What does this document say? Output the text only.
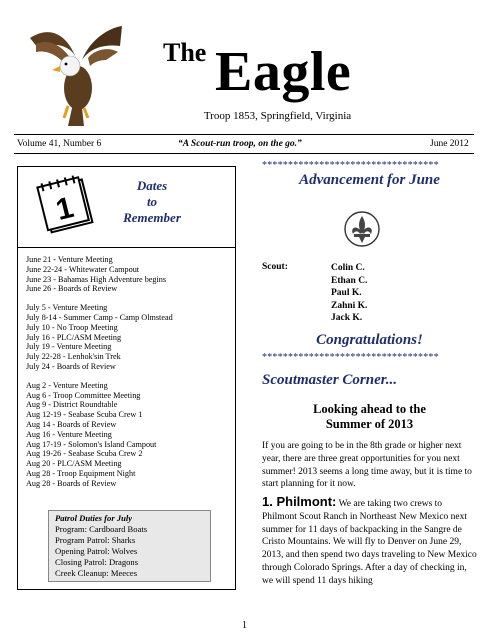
The Eagle
Troop 1853, Springfield, Virginia
Volume 41, Number 6	“A Scout-run troop, on the go.”	June 2012
1
Dates
to
Remember
June 21 - Venture Meeting
June 22-24 - Whitewater Campout
June 23 - Bahamas High Adventure begins
June 26 - Boards of Review
July 5 - Venture Meeting
July 8-14 - Summer Camp - Camp Olmstead
July 10 - No Troop Meeting
July 16 - PLC/ASM Meeting
July 19 - Venture Meeting
July 22-28 - Lenhok'sin Trek
July 24 - Boards of Review
Aug 2 - Venture Meeting
Aug 6 - Troop Committee Meeting
Aug 9 - District Roundtable
Aug 12-19 - Seabase Scuba Crew 1
Aug 14 - Boards of Review
Aug 16 - Venture Meeting
Aug 17-19 - Solomon's Island Campout
Aug 19-26 - Seabase Scuba Crew 2
Aug 20 - PLC/ASM Meeting
Aug 28 - Troop Equipment Night
Aug 28 - Boards of Review
Patrol Duties for July
Program: Cardboard Boats
Program Patrol: Sharks
Opening Patrol: Wolves
Closing Patrol: Dragons
Creek Cleanup: Meeces
**********************************
Advancement for June
Scout:	Colin C.
Ethan C.
Paul K.
Zahni K.
Jack K.
Congratulations!
**********************************
Scoutmaster Corner...
Looking ahead to the
Summer of 2013
If you are going to be in the 8th grade or higher next year, there are three great opportunities for you next summer! 2013 seems a long time away, but it is time to start planning for it now.
1. Philmont: We are taking two crews to Philmont Scout Ranch in Northeast New Mexico next summer for 11 days of backpacking in the Sangre de Cristo Mountains. We will fly to Denver on June 29, 2013, and then spend two days traveling to New Mexico through Colorado Springs. After a day of checking in, we will spend 11 days hiking
1
